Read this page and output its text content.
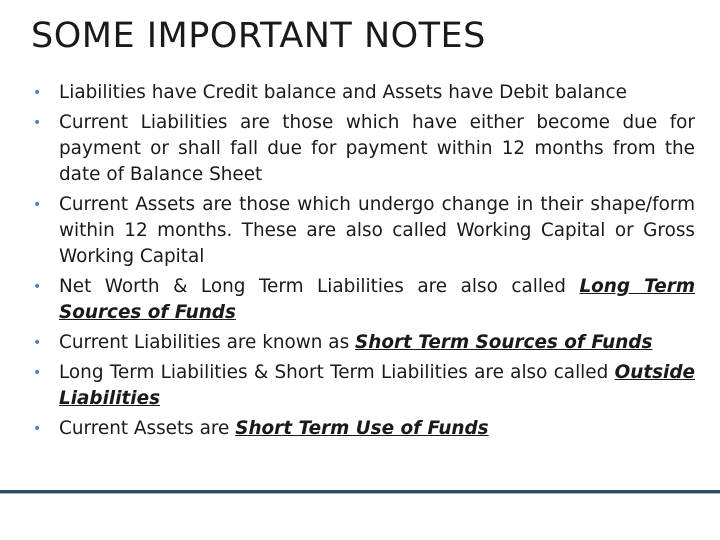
SOME IMPORTANT NOTES
• Liabilities have Credit balance and Assets have Debit balance
• Current Liabilities are those which have either become due for payment or shall fall due for payment within 12 months from the date of Balance Sheet
• Current Assets are those which undergo change in their shape/form within 12 months. These are also called Working Capital or Gross Working Capital
• Net Worth & Long Term Liabilities are also called Long Term Sources of Funds
• Current Liabilities are known as Short Term Sources of Funds
• Long Term Liabilities & Short Term Liabilities are also called Outside Liabilities
• Current Assets are Short Term Use of Funds
